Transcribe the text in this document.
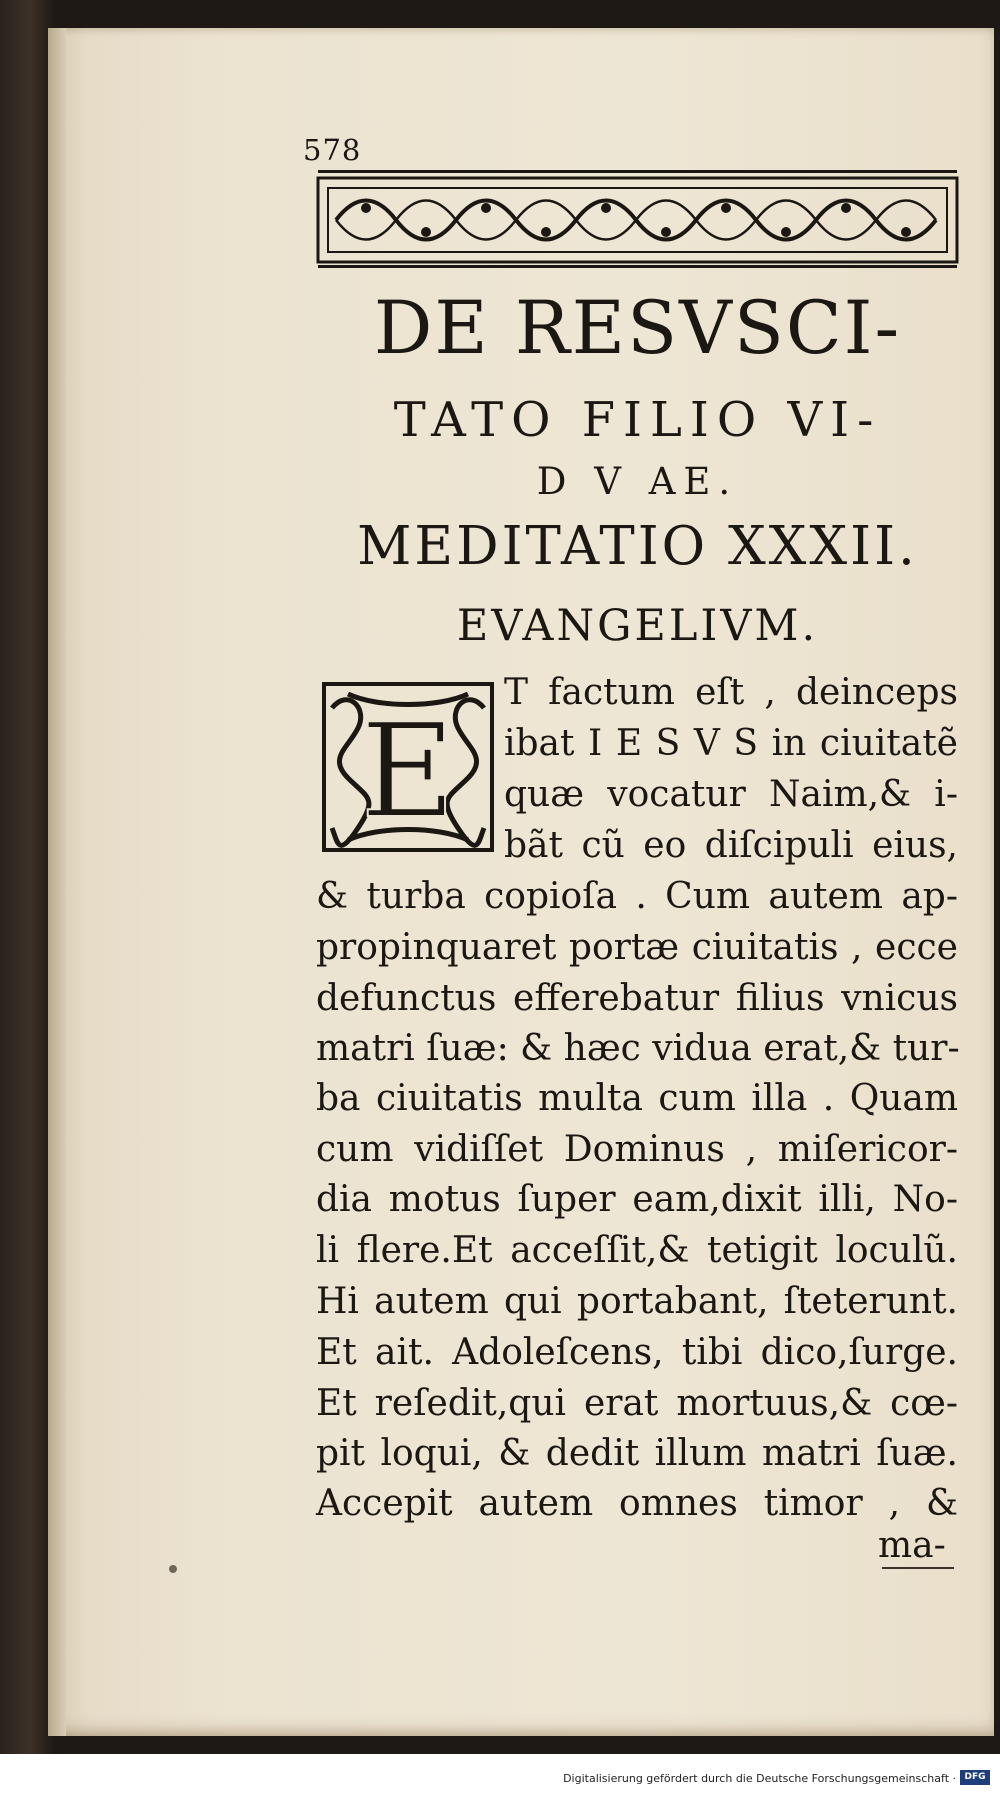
578
DE RESVSCI-
TATO FILIO VI-
D V AE.
MEDITATIO XXXII.
EVANGELIVM.
E
T factum eſt , deinceps
ibat I E S V S in ciuitatẽ
quæ vocatur Naim,& i-
bãt cũ eo diſcipuli eius,
& turba copioſa . Cum autem ap-
propinquaret portæ ciuitatis , ecce
defunctus efferebatur filius vnicus
matri ſuæ: & hæc vidua erat,& tur-
ba ciuitatis multa cum illa . Quam
cum vidiſſet Dominus , miſericor-
dia motus ſuper eam,dixit illi, No-
li flere.Et acceſſit,& tetigit loculũ.
Hi autem qui portabant, ſteterunt.
Et ait. Adoleſcens, tibi dico,ſurge.
Et reſedit,qui erat mortuus,& cœ-
pit loqui, & dedit illum matri ſuæ.
Accepit autem omnes timor , &
ma-
Digitalisierung gefördert durch die Deutsche Forschungsgemeinschaft · DFG
